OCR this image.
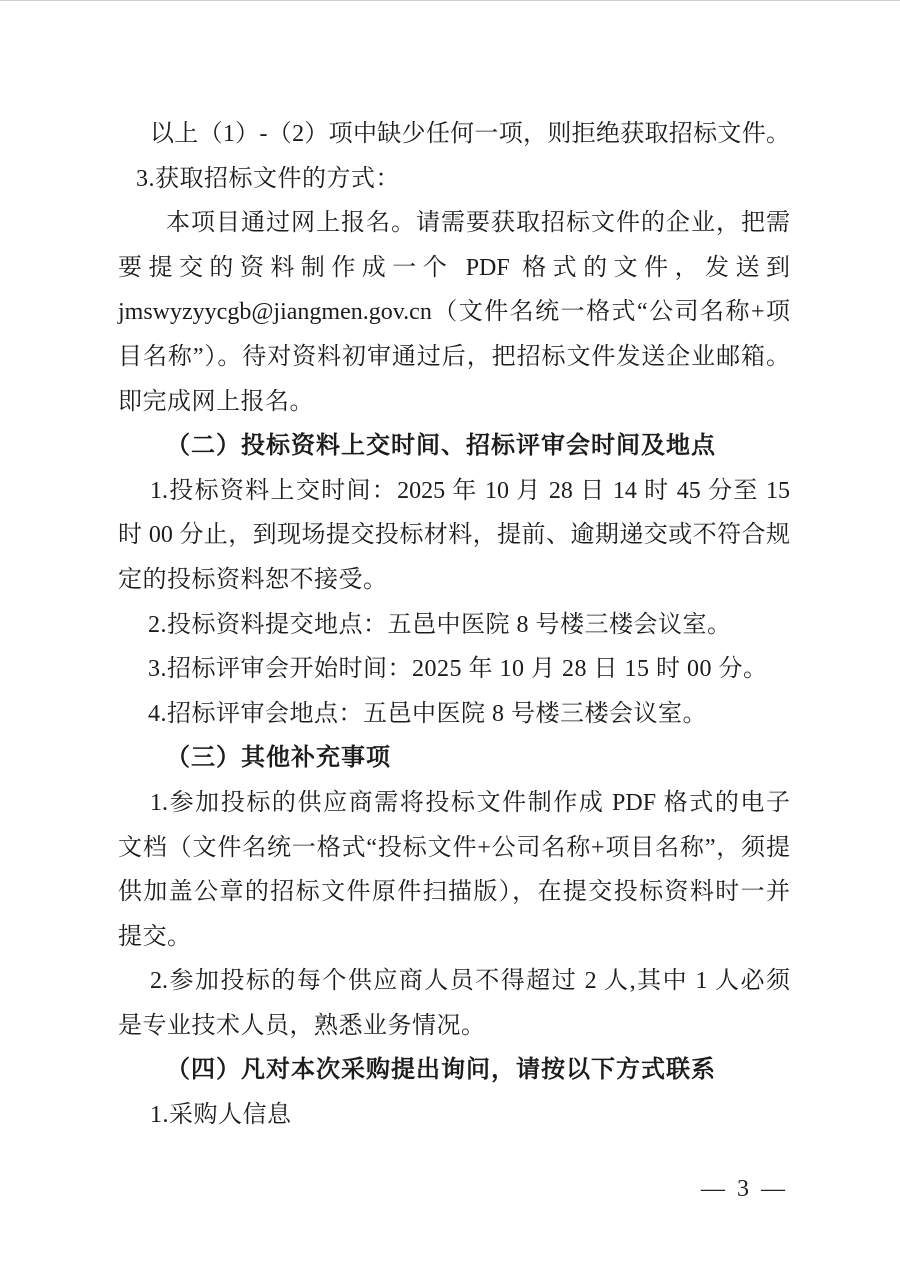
以上（1）-（2）项中缺少任何一项，则拒绝获取招标文件。
3.获取招标文件的方式：
本项目通过网上报名。请需要获取招标文件的企业，把需
要提交的资料制作成一个 PDF 格式的文件，发送到
jmswyzyycgb@jiangmen.gov.cn（文件名统一格式“公司名称+项
目名称”）。待对资料初审通过后，把招标文件发送企业邮箱。
即完成网上报名。
（二）投标资料上交时间、招标评审会时间及地点
1.投标资料上交时间：2025 年 10 月 28 日 14 时 45 分至 15
时 00 分止，到现场提交投标材料，提前、逾期递交或不符合规
定的投标资料恕不接受。
2.投标资料提交地点：五邑中医院 8 号楼三楼会议室。
3.招标评审会开始时间：2025 年 10 月 28 日 15 时 00 分。
4.招标评审会地点：五邑中医院 8 号楼三楼会议室。
（三）其他补充事项
1.参加投标的供应商需将投标文件制作成 PDF 格式的电子
文档（文件名统一格式“投标文件+公司名称+项目名称”，须提
供加盖公章的招标文件原件扫描版），在提交投标资料时一并
提交。
2.参加投标的每个供应商人员不得超过 2 人,其中 1 人必须
是专业技术人员，熟悉业务情况。
（四）凡对本次采购提出询问，请按以下方式联系
1.采购人信息
— 3 —
